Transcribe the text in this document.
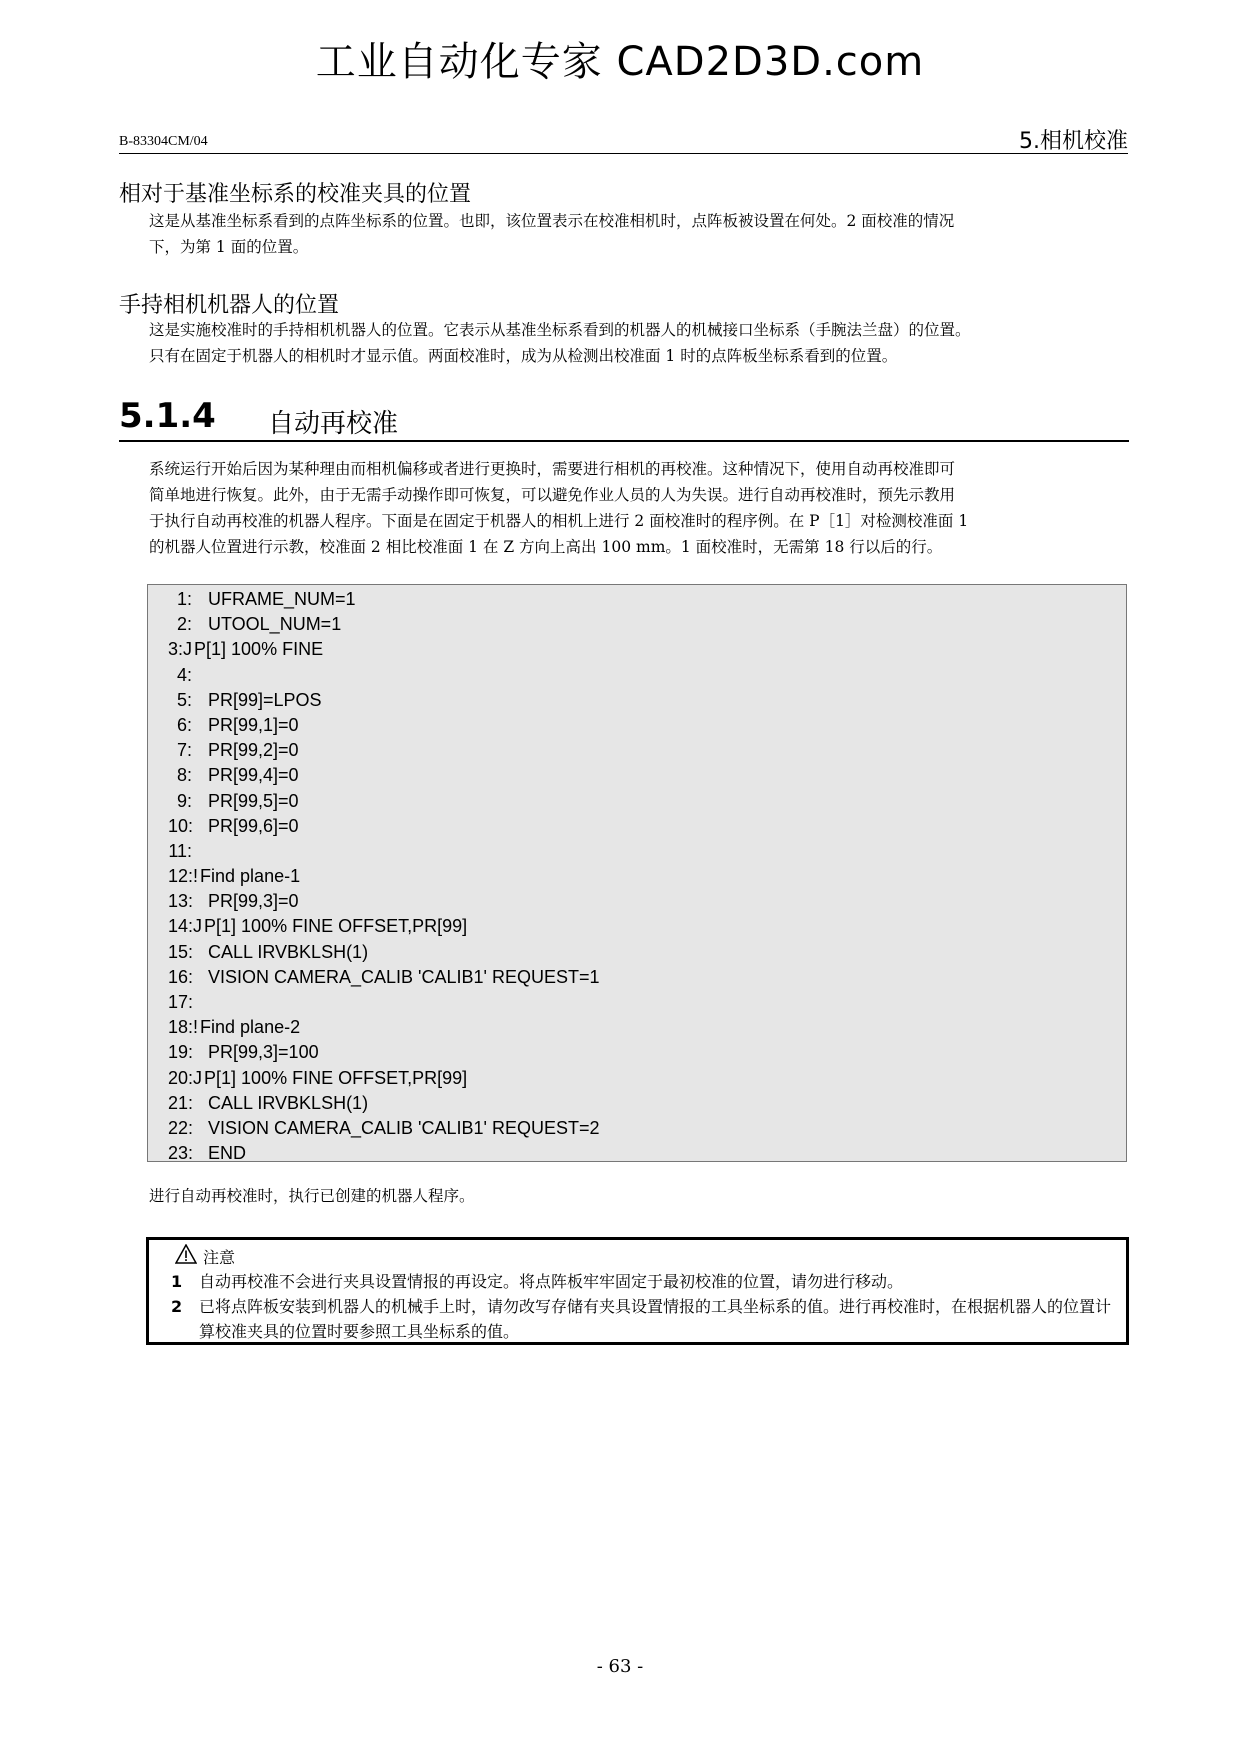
工业自动化专家 CAD2D3D.com
B-83304CM/04	5.相机校准
相对于基准坐标系的校准夹具的位置
这是从基准坐标系看到的点阵坐标系的位置。也即，该位置表示在校准相机时，点阵板被设置在何处。2 面校准的情况
下，为第 1 面的位置。
手持相机机器人的位置
这是实施校准时的手持相机机器人的位置。它表示从基准坐标系看到的机器人的机械接口坐标系（手腕法兰盘）的位置。
只有在固定于机器人的相机时才显示值。两面校准时，成为从检测出校准面 1 时的点阵板坐标系看到的位置。
5.1.4 自动再校准
系统运行开始后因为某种理由而相机偏移或者进行更换时，需要进行相机的再校准。这种情况下，使用自动再校准即可
简单地进行恢复。此外，由于无需手动操作即可恢复，可以避免作业人员的人为失误。进行自动再校准时，预先示教用
于执行自动再校准的机器人程序。下面是在固定于机器人的相机上进行 2 面校准时的程序例。在 P［1］对检测校准面 1
的机器人位置进行示教，校准面 2 相比校准面 1 在 Z 方向上高出 100 mm。1 面校准时，无需第 18 行以后的行。
1: UFRAME_NUM=1
2: UTOOL_NUM=1
3:J P[1] 100% FINE
4:
5: PR[99]=LPOS
6: PR[99,1]=0
7: PR[99,2]=0
8: PR[99,4]=0
9: PR[99,5]=0
10: PR[99,6]=0
11:
12:! Find plane-1
13: PR[99,3]=0
14:J P[1] 100% FINE OFFSET,PR[99]
15: CALL IRVBKLSH(1)
16: VISION CAMERA_CALIB 'CALIB1' REQUEST=1
17:
18:! Find plane-2
19: PR[99,3]=100
20:J P[1] 100% FINE OFFSET,PR[99]
21: CALL IRVBKLSH(1)
22: VISION CAMERA_CALIB 'CALIB1' REQUEST=2
23: END
进行自动再校准时，执行已创建的机器人程序。
注意
1	自动再校准不会进行夹具设置情报的再设定。将点阵板牢牢固定于最初校准的位置，请勿进行移动。
2	已将点阵板安装到机器人的机械手上时，请勿改写存储有夹具设置情报的工具坐标系的值。进行再校准时，在根据机器人的位置计算校准夹具的位置时要参照工具坐标系的值。
- 63 -
